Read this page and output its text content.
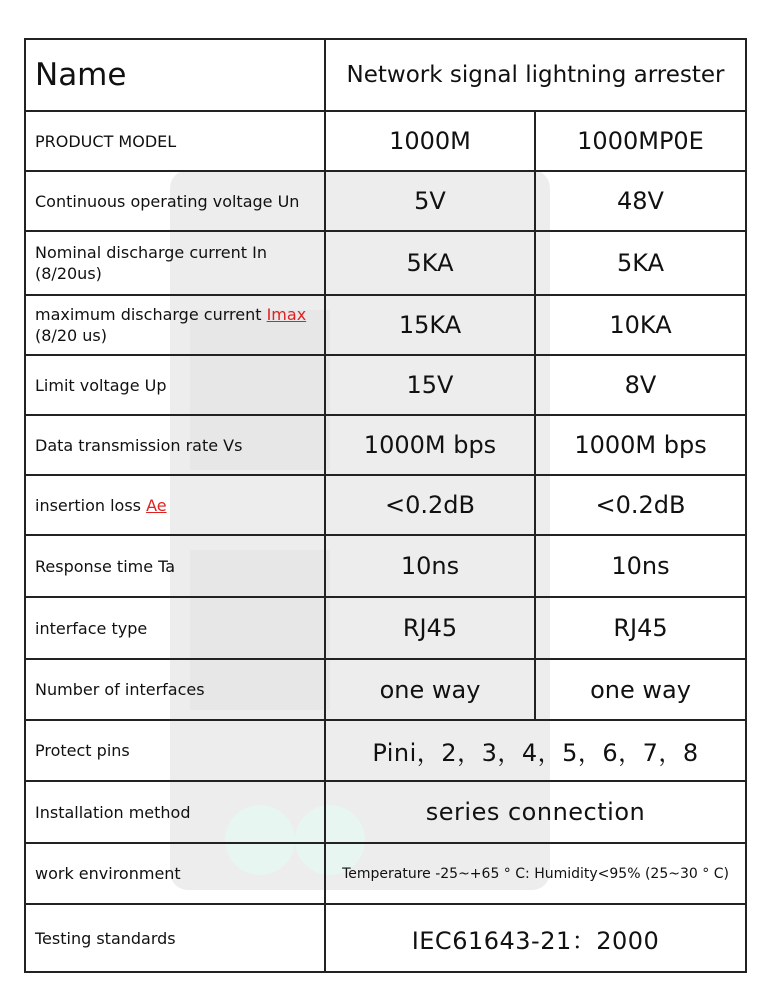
Name	Network signal lightning arrester	
PRODUCT MODEL	1000M	1000MP0E
Continuous operating voltage Un	5V	48V

Nominal discharge current In
(8/20us)	5KA	5KA

maximum discharge current Imax
(8/20 us)	15KA	10KA
Limit voltage Up	15V	8V
Data transmission rate Vs	1000M bps	1000M bps
insertion loss Ae	<0.2dB	<0.2dB
Response time Ta	10ns	10ns
interface type	RJ45	RJ45
Number of interfaces	one way	one way
Protect pins	Pini，2，3，4，5，6，7，8	
Installation method	series connection	
work environment	Temperature -25~+65 ° C: Humidity<95% (25~30 ° C)	
Testing standards	IEC61643-21：2000	
